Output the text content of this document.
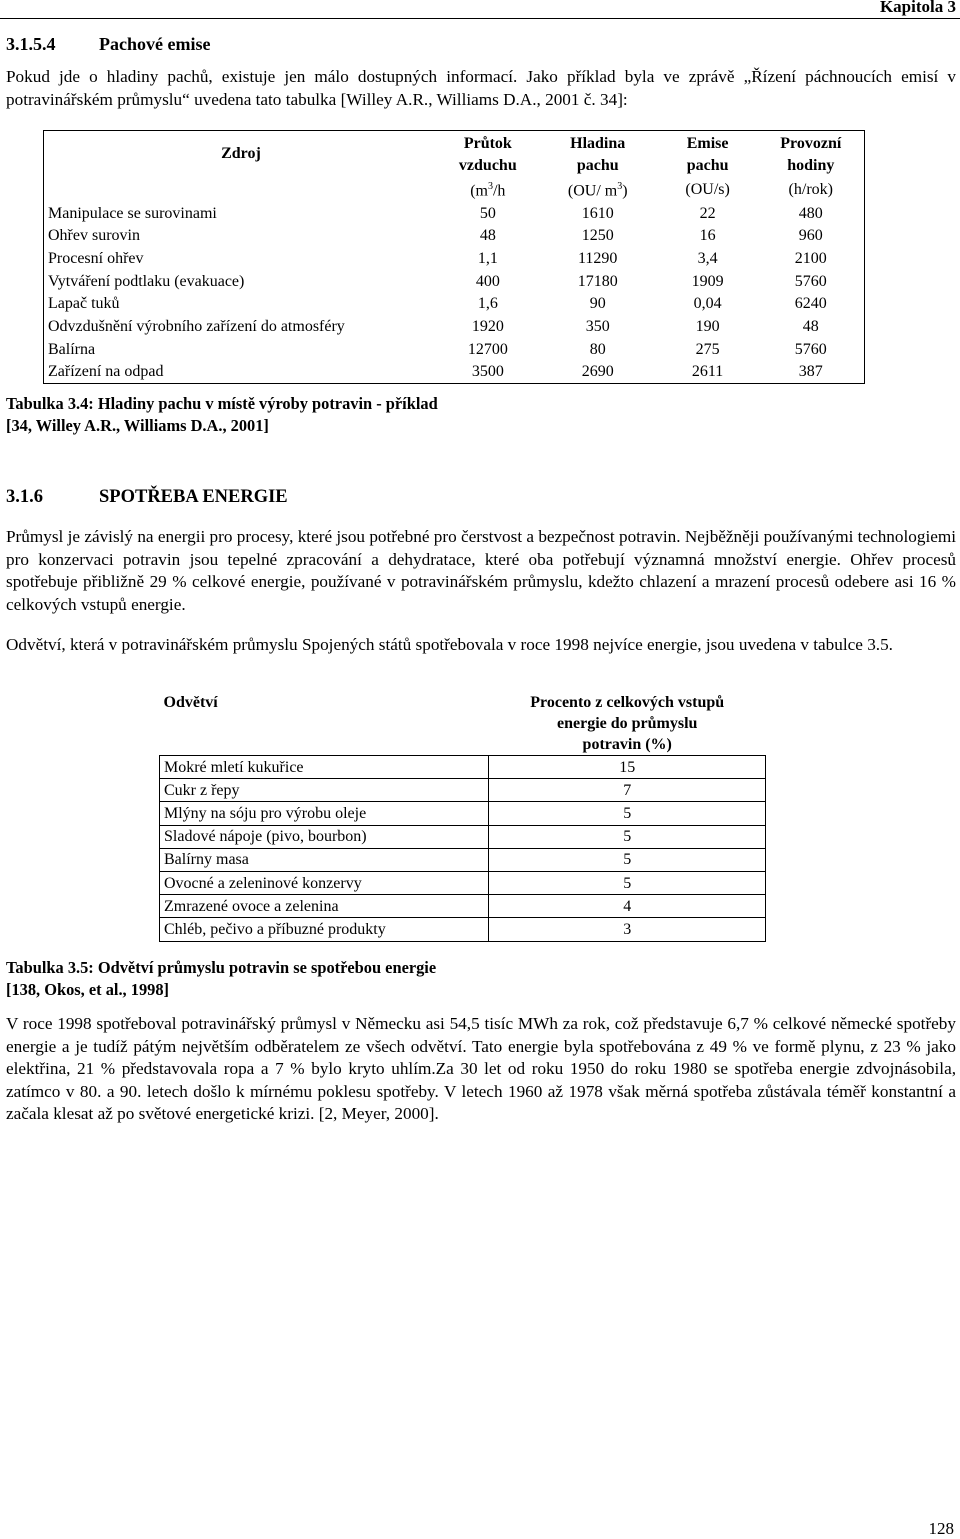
Kapitola 3
3.1.5.4 Pachové emise
Pokud jde o hladiny pachů, existuje jen málo dostupných informací. Jako příklad byla ve zprávě „Řízení páchnoucích emisí v potravinářském průmyslu“ uvedena tato tabulka [Willey A.R., Williams D.A., 2001 č. 34]:
Zdroj	Průtok	Hladina	Emise	Provozní
	vzduchu	pachu	pachu	hodiny
	($m^3/h$	(OU/ $m^3$)	(OU/s)	(h/rok)
Manipulace se surovinami	50	1610	22	480
Ohřev surovin	48	1250	16	960
Procesní ohřev	1,1	11290	3,4	2100
Vytváření podtlaku (evakuace)	400	17180	1909	5760
Lapač tuků	1,6	90	0,04	6240
Odvzdušnění výrobního zařízení do atmosféry	1920	350	190	48
Balírna	12700	80	275	5760
Zařízení na odpad	3500	2690	2611	387
Tabulka 3.4: Hladiny pachu v místě výroby potravin - příklad
[34, Willey A.R., Williams D.A., 2001]
3.1.6	SPOTŘEBA ENERGIE
Průmysl je závislý na energii pro procesy, které jsou potřebné pro čerstvost a bezpečnost potravin. Nejběžněji používanými technologiemi pro konzervaci potravin jsou tepelné zpracování a dehydratace, které oba potřebují významná množství energie. Ohřev procesů spotřebuje přibližně 29 % celkové energie, používané v potravinářském průmyslu, kdežto chlazení a mrazení procesů odebere asi 16 % celkových vstupů energie.
Odvětví, která v potravinářském průmyslu Spojených států spotřebovala v roce 1998 nejvíce energie, jsou uvedena v tabulce 3.5.
Odvětví	Procento z celkových vstupů
energie do průmyslu
potravin (%)

Mokré mletí kukuřice	15
Cukr z řepy	7
Mlýny na sóju pro výrobu oleje	5
Sladové nápoje (pivo, bourbon)	5
Balírny masa	5
Ovocné a zeleninové konzervy	5
Zmrazené ovoce a zelenina	4
Chléb, pečivo a příbuzné produkty	3
Tabulka 3.5: Odvětví průmyslu potravin se spotřebou energie
[138, Okos, et al., 1998]
V roce 1998 spotřeboval potravinářský průmysl v Německu asi 54,5 tisíc MWh za rok, což představuje 6,7 % celkové německé spotřeby energie a je tudíž pátým největším odběratelem ze všech odvětví. Tato energie byla spotřebována z 49 % ve formě plynu, z 23 % jako elektřina, 21 % představovala ropa a 7 % bylo kryto uhlím.Za 30 let od roku 1950 do roku 1980 se spotřeba energie zdvojnásobila, zatímco v 80. a 90. letech došlo k mírnému poklesu spotřeby. V letech 1960 až 1978 však měrná spotřeba zůstávala téměř konstantní a začala klesat až po světové energetické krizi. [2, Meyer, 2000].
128
